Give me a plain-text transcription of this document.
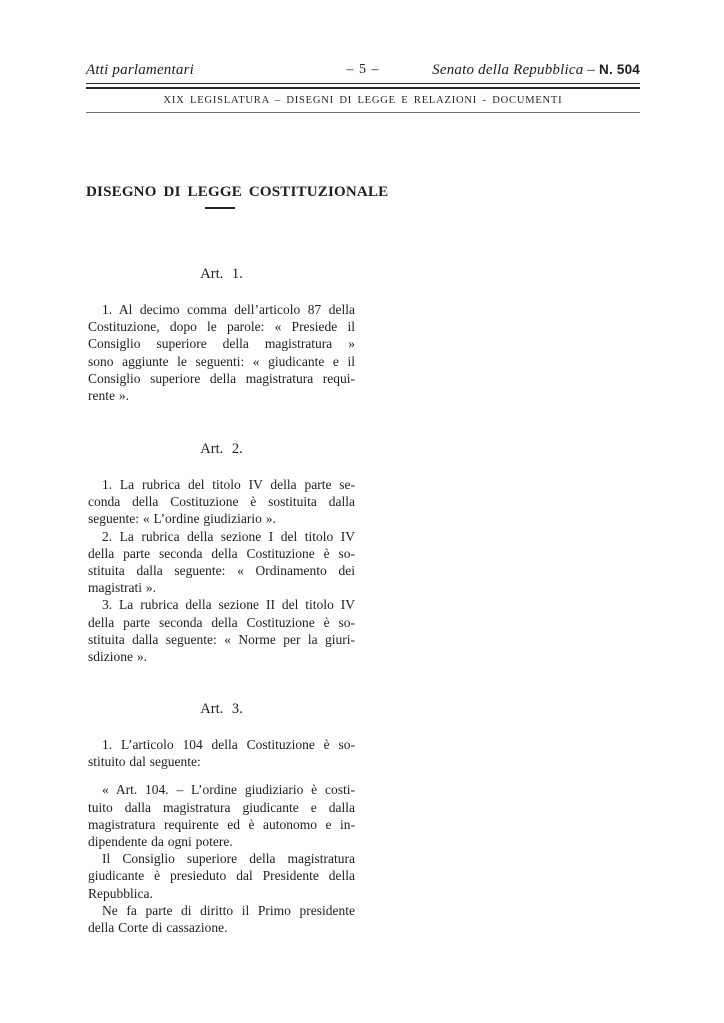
Atti parlamentari	– 5 –	Senato della Repubblica – N. 504
XIX LEGISLATURA – DISEGNI DI LEGGE E RELAZIONI - DOCUMENTI
DISEGNO DI LEGGE COSTITUZIONALE
Art. 1.
1. Al decimo comma dell’articolo 87 della
Costituzione, dopo le parole: « Presiede il
Consiglio superiore della magistratura »
sono aggiunte le seguenti: « giudicante e il
Consiglio superiore della magistratura requi-
rente ».
Art. 2.
1. La rubrica del titolo IV della parte se-
conda della Costituzione è sostituita dalla
seguente: « L’ordine giudiziario ».
2. La rubrica della sezione I del titolo IV
della parte seconda della Costituzione è so-
stituita dalla seguente: « Ordinamento dei
magistrati ».
3. La rubrica della sezione II del titolo IV
della parte seconda della Costituzione è so-
stituita dalla seguente: « Norme per la giuri-
sdizione ».
Art. 3.
1. L’articolo 104 della Costituzione è so-
stituito dal seguente:
« Art. 104. – L’ordine giudiziario è costi-
tuito dalla magistratura giudicante e dalla
magistratura requirente ed è autonomo e in-
dipendente da ogni potere.
Il Consiglio superiore della magistratura
giudicante è presieduto dal Presidente della
Repubblica.
Ne fa parte di diritto il Primo presidente
della Corte di cassazione.
